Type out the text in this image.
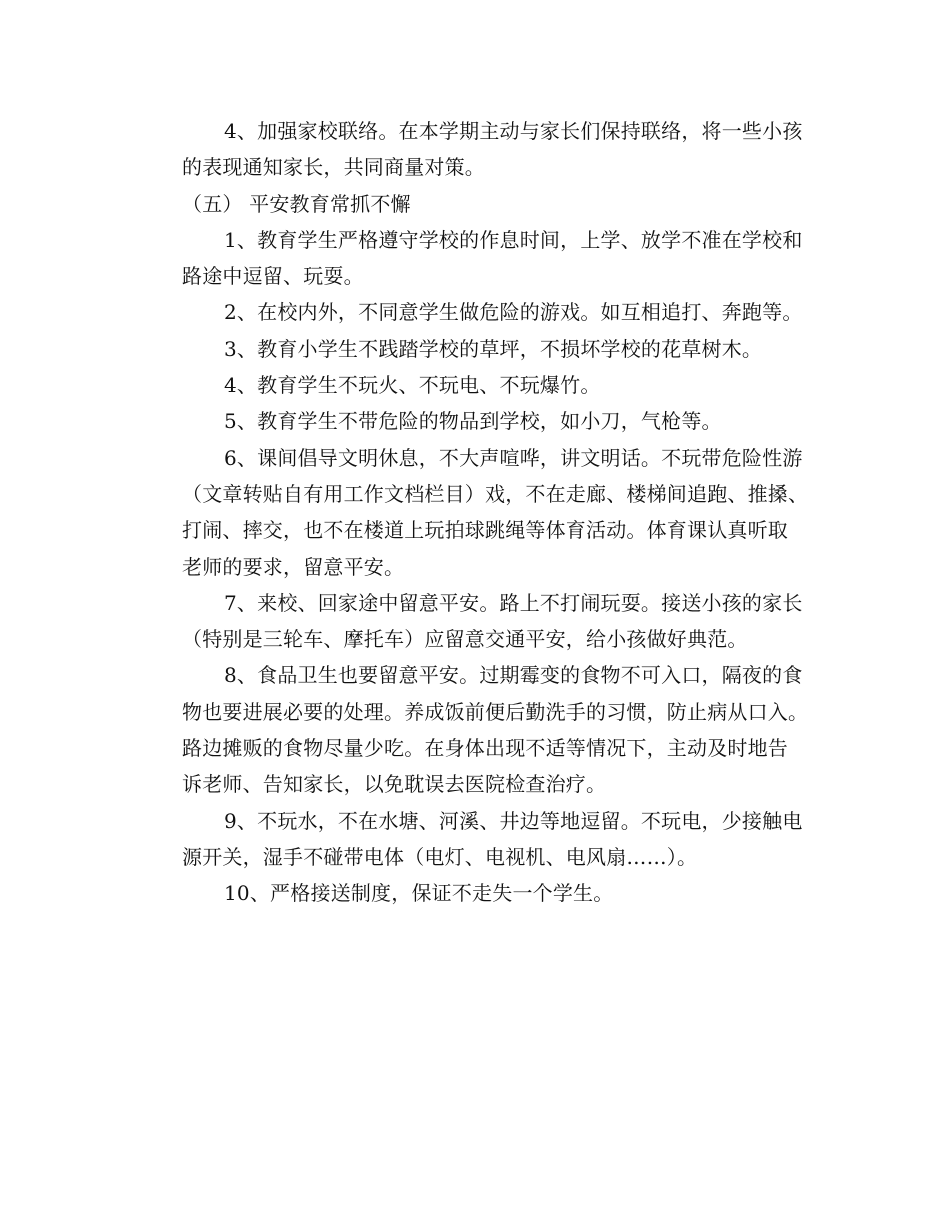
4、加强家校联络。在本学期主动与家长们保持联络，将一些小孩
的表现通知家长，共同商量对策。
（五） 平安教育常抓不懈
1、教育学生严格遵守学校的作息时间，上学、放学不准在学校和
路途中逗留、玩耍。
2、在校内外，不同意学生做危险的游戏。如互相追打、奔跑等。
3、教育小学生不践踏学校的草坪，不损坏学校的花草树木。
4、教育学生不玩火、不玩电、不玩爆竹。
5、教育学生不带危险的物品到学校，如小刀，气枪等。
6、课间倡导文明休息，不大声喧哗，讲文明话。不玩带危险性游
（文章转贴自有用工作文档栏目）戏，不在走廊、楼梯间追跑、推搡、
打闹、摔交，也不在楼道上玩拍球跳绳等体育活动。体育课认真听取
老师的要求，留意平安。
7、来校、回家途中留意平安。路上不打闹玩耍。接送小孩的家长
（特别是三轮车、摩托车）应留意交通平安，给小孩做好典范。
8、食品卫生也要留意平安。过期霉变的食物不可入口，隔夜的食
物也要进展必要的处理。养成饭前便后勤洗手的习惯，防止病从口入。
路边摊贩的食物尽量少吃。在身体出现不适等情况下，主动及时地告
诉老师、告知家长，以免耽误去医院检查治疗。
9、不玩水，不在水塘、河溪、井边等地逗留。不玩电，少接触电
源开关，湿手不碰带电体（电灯、电视机、电风扇……）。
10、严格接送制度，保证不走失一个学生。
